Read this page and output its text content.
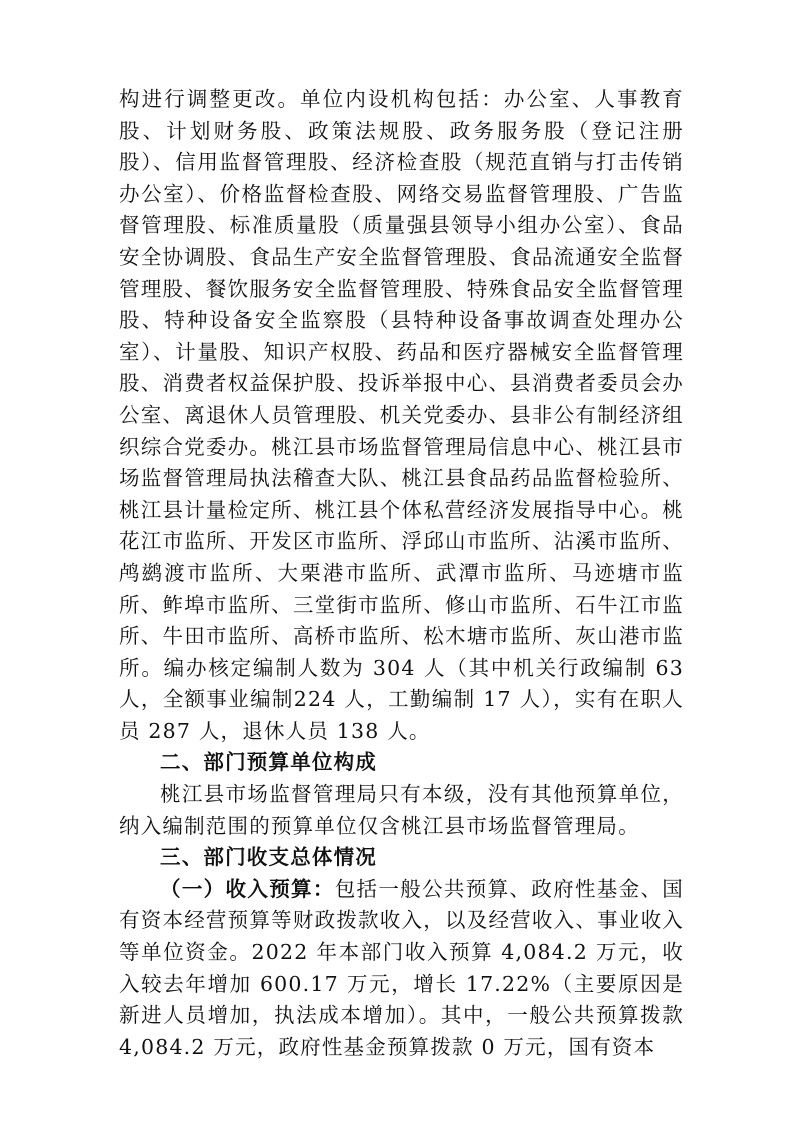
构进行调整更改。单位内设机构包括：办公室、人事教育股、计划财务股、政策法规股、政务服务股（登记注册股）、信用监督管理股、经济检查股（规范直销与打击传销办公室）、价格监督检查股、网络交易监督管理股、广告监督管理股、标准质量股（质量强县领导小组办公室）、食品安全协调股、食品生产安全监督管理股、食品流通安全监督管理股、餐饮服务安全监督管理股、特殊食品安全监督管理股、特种设备安全监察股（县特种设备事故调查处理办公室）、计量股、知识产权股、药品和医疗器械安全监督管理股、消费者权益保护股、投诉举报中心、县消费者委员会办公室、离退休人员管理股、机关党委办、县非公有制经济组织综合党委办。桃江县市场监督管理局信息中心、桃江县市场监督管理局执法稽查大队、桃江县食品药品监督检验所、桃江县计量检定所、桃江县个体私营经济发展指导中心。桃花江市监所、开发区市监所、浮邱山市监所、沾溪市监所、鸬鹚渡市监所、大栗港市监所、武潭市监所、马迹塘市监所、鲊埠市监所、三堂街市监所、修山市监所、石牛江市监所、牛田市监所、高桥市监所、松木塘市监所、灰山港市监所。编办核定编制人数为 304 人（其中机关行政编制 63 人，全额事业编制224 人，工勤编制 17 人），实有在职人员 287 人，退休人员 138 人。

二、部门预算单位构成

桃江县市场监督管理局只有本级，没有其他预算单位，纳入编制范围的预算单位仅含桃江县市场监督管理局。

三、部门收支总体情况

（一）收入预算：包括一般公共预算、政府性基金、国有资本经营预算等财政拨款收入，以及经营收入、事业收入等单位资金。2022 年本部门收入预算 4,084.2 万元，收入较去年增加 600.17 万元，增长 17.22%（主要原因是新进人员增加，执法成本增加）。其中，一般公共预算拨款 4,084.2 万元，政府性基金预算拨款 0 万元，国有资本
